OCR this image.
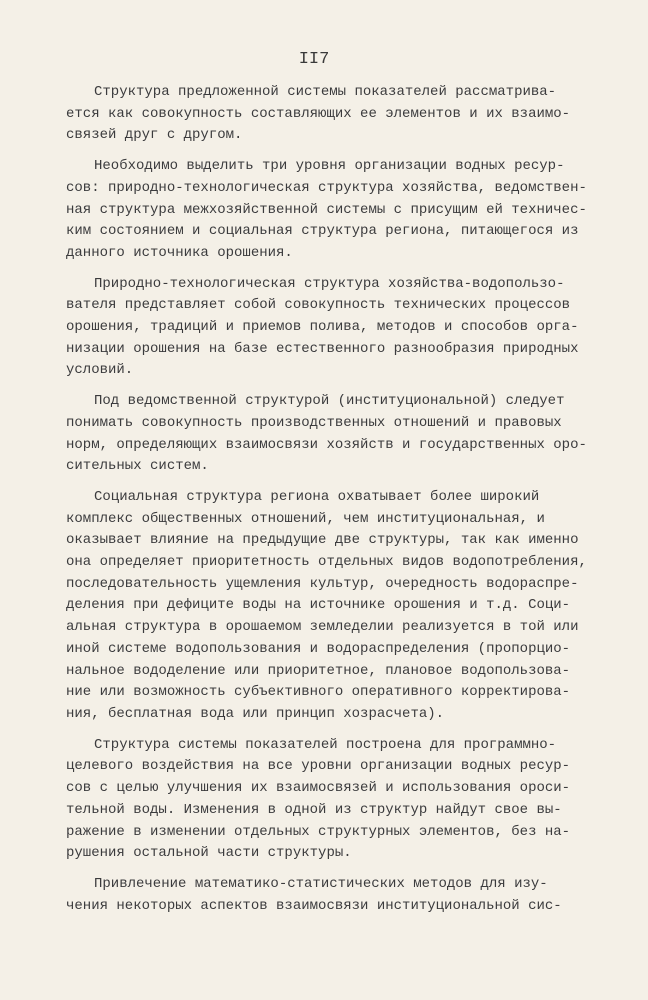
II7

Структура предложенной системы показателей рассматрива-
ется как совокупность составляющих ее элементов и их взаимо-
связей друг с другом.

Необходимо выделить три уровня организации водных ресур-
сов: природно-технологическая структура хозяйства, ведомствен-
ная структура межхозяйственной системы с присущим ей техничес-
ким состоянием и социальная структура региона, питающегося из
данного источника орошения.

Природно-технологическая структура хозяйства-водопользо-
вателя представляет собой совокупность технических процессов
орошения, традиций и приемов полива, методов и способов орга-
низации орошения на базе естественного разнообразия природных
условий.

Под ведомственной структурой (институциональной) следует
понимать совокупность производственных отношений и правовых
норм, определяющих взаимосвязи хозяйств и государственных оро-
сительных систем.

Социальная структура региона охватывает более широкий
комплекс общественных отношений, чем институциональная, и
оказывает влияние на предыдущие две структуры, так как именно
она определяет приоритетность отдельных видов водопотребления,
последовательность ущемления культур, очередность водораспре-
деления при дефиците воды на источнике орошения и т.д. Соци-
альная структура в орошаемом земледелии реализуется в той или
иной системе водопользования и водораспределения (пропорцио-
нальное вододеление или приоритетное, плановое водопользова-
ние или возможность субъективного оперативного корректирова-
ния, бесплатная вода или принцип хозрасчета).

Структура системы показателей построена для программно-
целевого воздействия на все уровни организации водных ресур-
сов с целью улучшения их взаимосвязей и использования ороси-
тельной воды. Изменения в одной из структур найдут свое вы-
ражение в изменении отдельных структурных элементов, без на-
рушения остальной части структуры.

Привлечение математико-статистических методов для изу-
чения некоторых аспектов взаимосвязи институциональной сис-
